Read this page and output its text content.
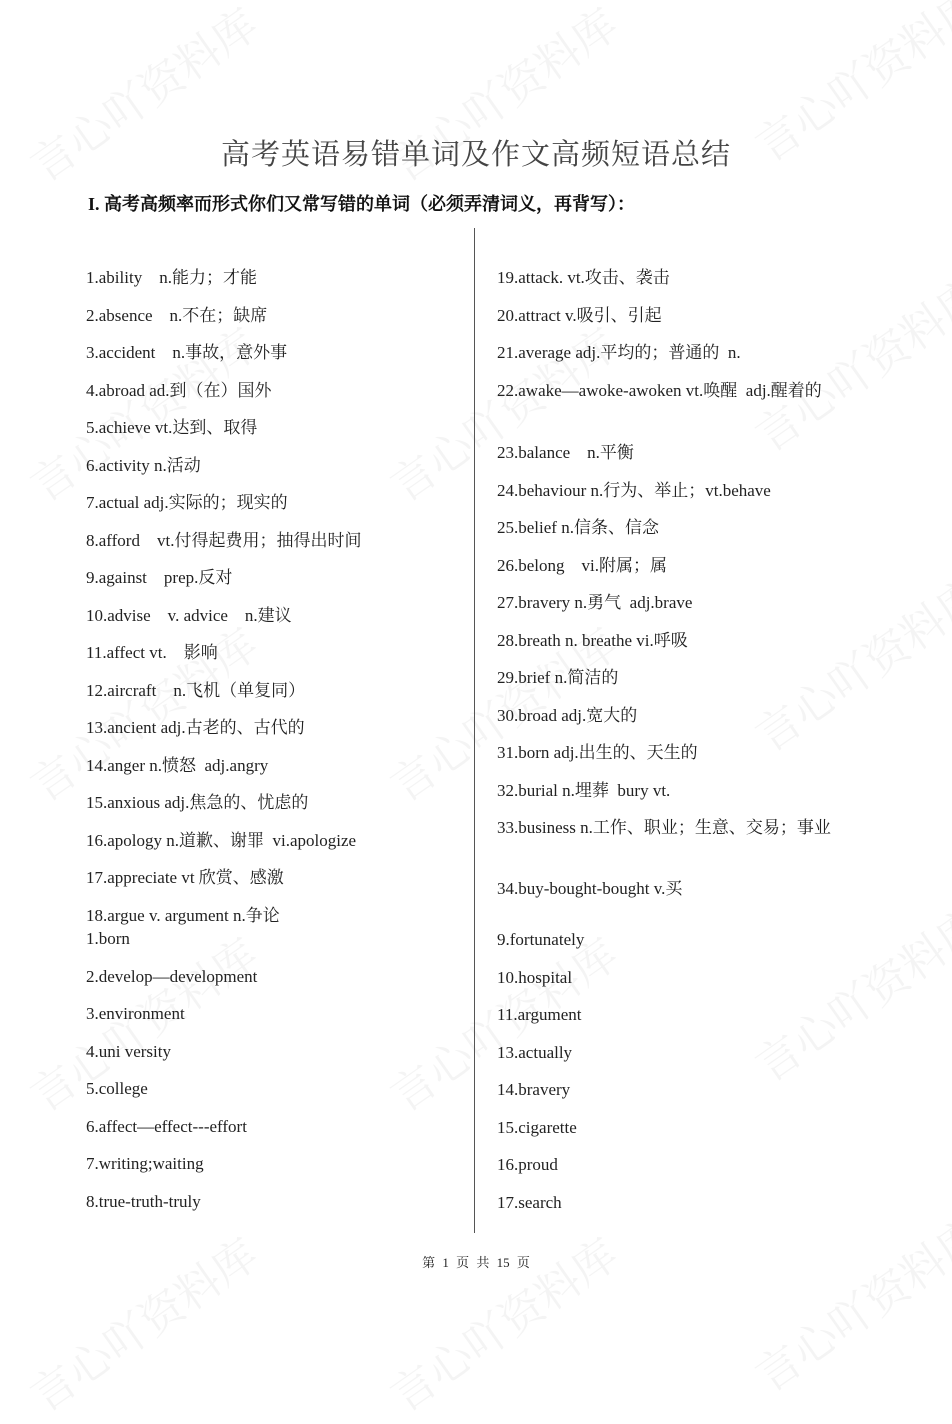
高考英语易错单词及作文高频短语总结
I. 高考高频率而形式你们又常写错的单词（必须弄清词义，再背写）：
1.ability    n.能力；才能
2.absence    n.不在；缺席
3.accident    n.事故，意外事
4.abroad ad.到（在）国外
5.achieve vt.达到、取得
6.activity n.活动
7.actual adj.实际的；现实的
8.afford    vt.付得起费用；抽得出时间
9.against    prep.反对
10.advise    v. advice    n.建议
11.affect vt.    影响
12.aircraft    n.飞机（单复同）
13.ancient adj.古老的、古代的
14.anger n.愤怒  adj.angry
15.anxious adj.焦急的、忧虑的
16.apology n.道歉、谢罪  vi.apologize
17.appreciate vt 欣赏、感激
18.argue v. argument n.争论
1.born
2.develop—development
3.environment
4.uni versity
5.college
6.affect—effect---effort
7.writing;waiting
8.true-truth-truly
19.attack. vt.攻击、袭击
20.attract v.吸引、引起
21.average adj.平均的；普通的  n.
22.awake—awoke-awoken vt.唤醒  adj.醒着的
23.balance    n.平衡
24.behaviour n.行为、举止；vt.behave
25.belief n.信条、信念
26.belong    vi.附属；属
27.bravery n.勇气  adj.brave
28.breath n. breathe vi.呼吸
29.brief n.简洁的
30.broad adj.宽大的
31.born adj.出生的、天生的
32.burial n.埋葬  bury vt.
33.business n.工作、职业；生意、交易；事业
34.buy-bought-bought v.买
9.fortunately
10.hospital
11.argument
13.actually
14.bravery
15.cigarette
16.proud
17.search
第 1 页 共 15 页
